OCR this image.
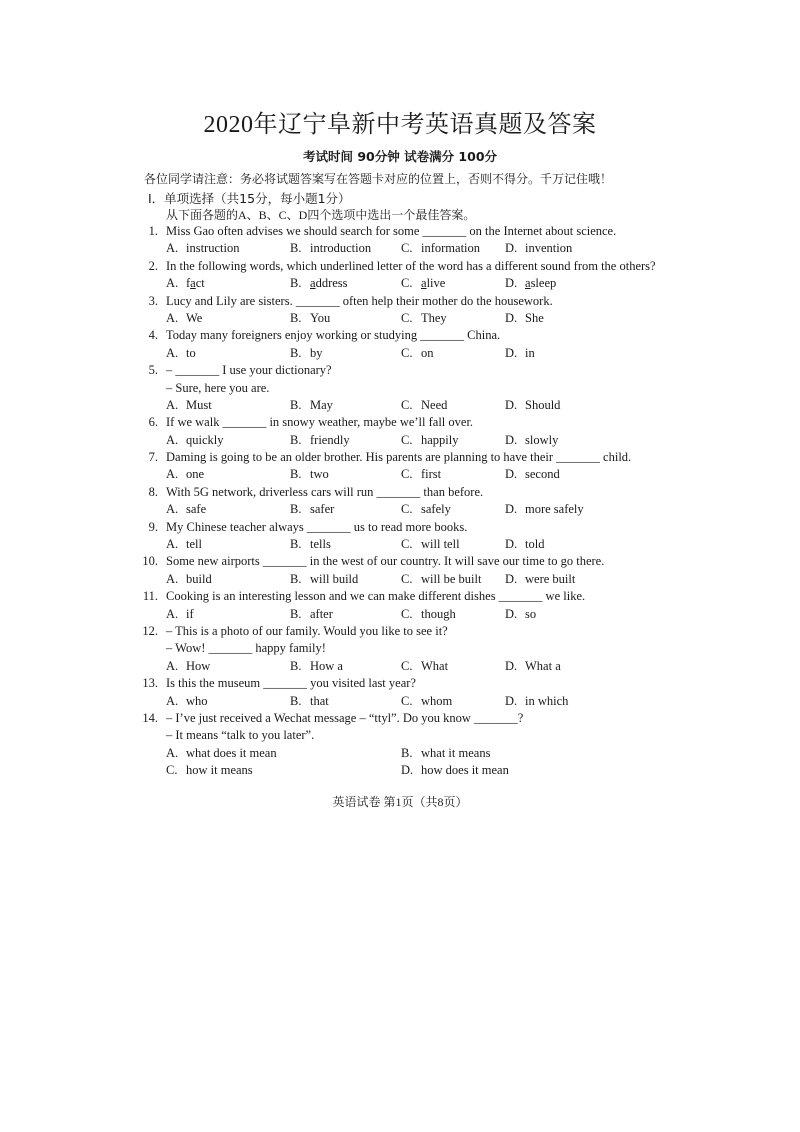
2020年辽宁阜新中考英语真题及答案
考试时间 90分钟 试卷满分 100分
各位同学请注意：务必将试题答案写在答题卡对应的位置上，否则不得分。千万记住哦！
Ⅰ．单项选择（共15分，每小题1分）
从下面各题的A、B、C、D四个选项中选出一个最佳答案。
1. Miss Gao often advises we should search for some _______ on the Internet about science.
A. instruction	B. introduction C. information D. invention
2. In the following words, which underlined letter of the word has a different sound from the others?
A. fact	B. address	C. alive	D. asleep
3. Lucy and Lily are sisters. _______ often help their mother do the housework.
A. We	B. You	C. They	D. She
4. Today many foreigners enjoy working or studying _______ China.
A. to	B. by	C. on	D. in
5. – _______ I use your dictionary?
– Sure, here you are.
A. Must	B. May	C. Need	D. Should
6. If we walk _______ in snowy weather, maybe we’ll fall over.
A. quickly	B. friendly	C. happily	D. slowly
7. Daming is going to be an older brother. His parents are planning to have their _______ child.
A. one	B. two	C. first	D. second
8. With 5G network, driverless cars will run _______ than before.
A. safe	B. safer	C. safely	D. more safely
9. My Chinese teacher always _______ us to read more books.
A. tell	B. tells	C. will tell	D. told
10. Some new airports _______ in the west of our country. It will save our time to go there.
A. build	B. will build	C. will be built D. were built
11. Cooking is an interesting lesson and we can make different dishes _______ we like.
A. if	B. after	C. though	D. so
12. – This is a photo of our family. Would you like to see it?
– Wow! _______ happy family!
A. How	B. How a	C. What	D. What a
13. Is this the museum _______ you visited last year?
A. who	B. that	C. whom	D. in which
14. – I’ve just received a Wechat message – “ttyl”. Do you know _______?
– It means “talk to you later”.
A. what does it mean	B. what it means
C. how it means	D. how does it mean
英语试卷 第1页（共8页）
